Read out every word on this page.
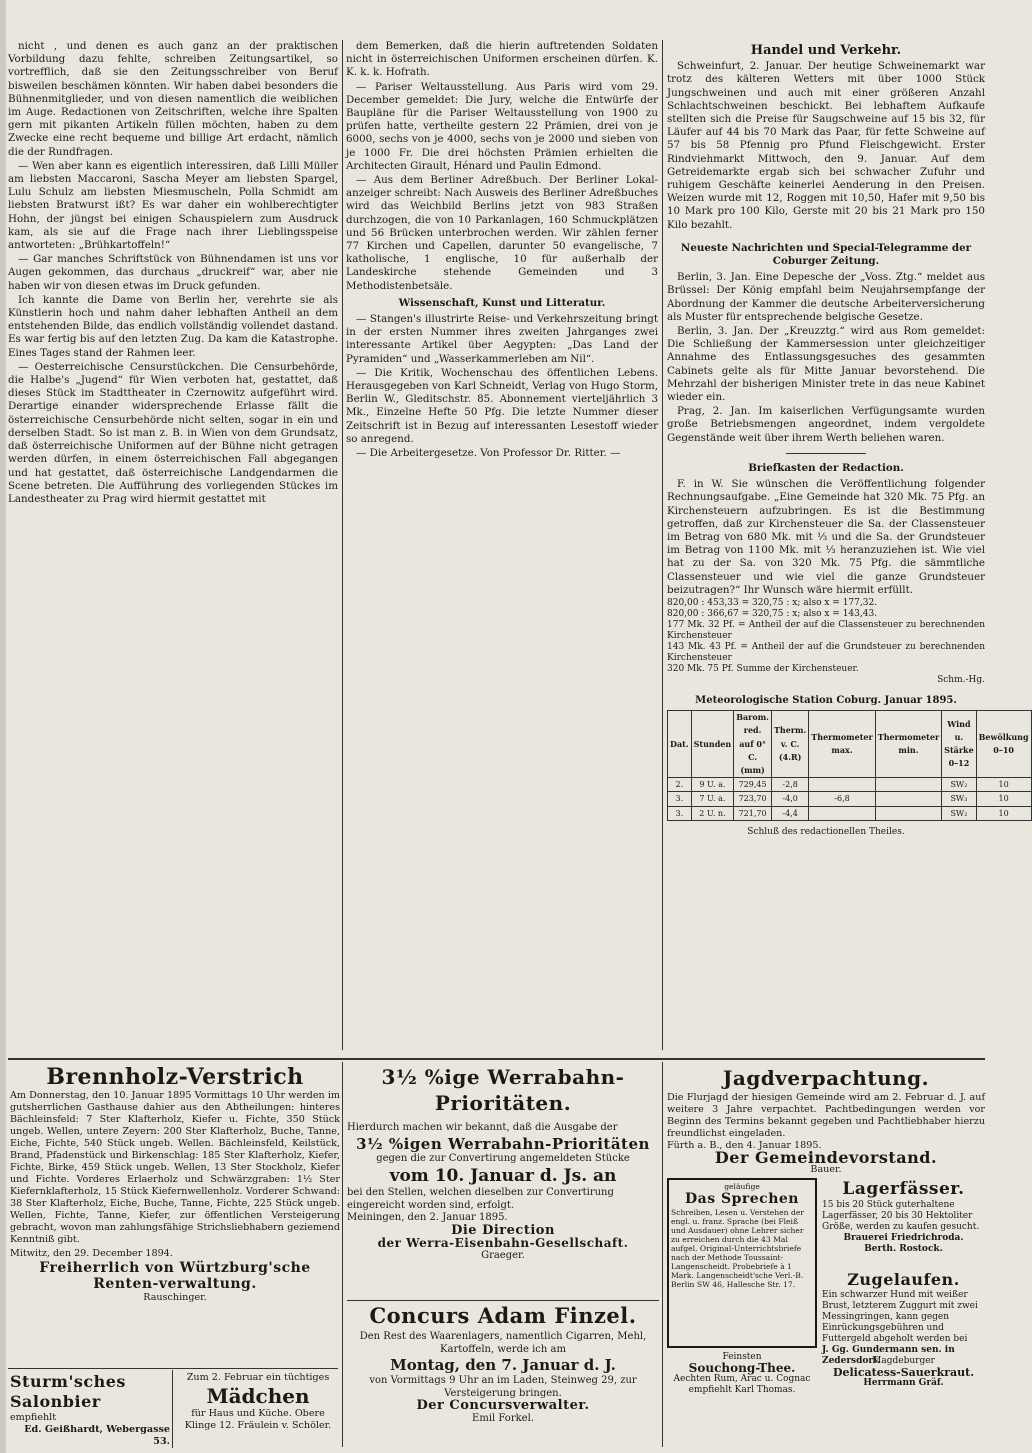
nicht , und denen es auch ganz an der praktischen Vorbildung dazu fehlte, schreiben Zeitungsartikel, so vortrefflich, daß sie den Zeitungsschreiber von Beruf bisweilen beschämen könnten. Wir haben dabei besonders die Bühnenmitglieder, und von diesen namentlich die weiblichen im Auge. Redactionen von Zeitschriften, welche ihre Spalten gern mit pikanten Artikeln füllen möchten, haben zu dem Zwecke eine recht bequeme und billige Art erdacht, nämlich die der Rundfragen.

— Wen aber kann es eigentlich interessiren, daß Lilli Müller am liebsten Maccaroni, Sascha Meyer am liebsten Spargel, Lulu Schulz am liebsten Miesmuscheln, Polla Schmidt am liebsten Bratwurst ißt? Es war daher ein wohlberechtigter Hohn, der jüngst bei einigen Schauspielern zum Ausdruck kam, als sie auf die Frage nach ihrer Lieblingsspeise antworteten: „Brühkartoffeln!“

— Gar manches Schriftstück von Bühnendamen ist uns vor Augen gekommen, das durchaus „druckreif“ war, aber nie haben wir von diesen etwas im Druck gefunden.

Ich kannte die Dame von Berlin her, verehrte sie als Künstlerin hoch und nahm daher lebhaften Antheil an dem entstehenden Bilde, das endlich vollständig vollendet dastand. Es war fertig bis auf den letzten Zug. Da kam die Katastrophe. Eines Tages stand der Rahmen leer.

— Oesterreichische Censurstückchen. Die Censurbehörde, die Halbe's „Jugend“ für Wien verboten hat, gestattet, daß dieses Stück im Stadttheater in Czernowitz aufgeführt wird. Derartige einander widersprechende Erlasse fällt die österreichische Censurbehörde nicht selten, sogar in ein und derselben Stadt. So ist man z. B. in Wien von dem Grundsatz, daß österreichische Uniformen auf der Bühne nicht getragen werden dürfen, in einem österreichischen Fall abgegangen und hat gestattet, daß österreichische Landgendarmen die Scene betreten. Die Aufführung des vorliegenden Stückes im Landestheater zu Prag wird hiermit gestattet mit

dem Bemerken, daß die hierin auftretenden Soldaten nicht in österreichischen Uniformen erscheinen dürfen. K. K. k. k. Hofrath.

— Pariser Weltausstellung. Aus Paris wird vom 29. December gemeldet: Die Jury, welche die Entwürfe der Baupläne für die Pariser Weltausstellung von 1900 zu prüfen hatte, vertheilte gestern 22 Prämien, drei von je 6000, sechs von je 4000, sechs von je 2000 und sieben von je 1000 Fr. Die drei höchsten Prämien erhielten die Architecten Girault, Hénard und Paulin Edmond.

— Aus dem Berliner Adreßbuch. Der Berliner Lokal-anzeiger schreibt: Nach Ausweis des Berliner Adreßbuches wird das Weichbild Berlins jetzt von 983 Straßen durchzogen, die von 10 Parkanlagen, 160 Schmuckplätzen und 56 Brücken unterbrochen werden. Wir zählen ferner 77 Kirchen und Capellen, darunter 50 evangelische, 7 katholische, 1 englische, 10 für außerhalb der Landeskirche stehende Gemeinden und 3 Methodistenbetsäle.

Wissenschaft, Kunst und Litteratur.

— Stangen's illustrirte Reise- und Verkehrszeitung bringt in der ersten Nummer ihres zweiten Jahrganges zwei interessante Artikel über Aegypten: „Das Land der Pyramiden“ und „Wasserkammerleben am Nil“.

— Die Kritik, Wochenschau des öffentlichen Lebens. Herausgegeben von Karl Schneidt, Verlag von Hugo Storm, Berlin W., Gleditschstr. 85. Abonnement vierteljährlich 3 Mk., Einzelne Hefte 50 Pfg. Die letzte Nummer dieser Zeitschrift ist in Bezug auf interessanten Lesestoff wieder so anregend.

— Die Arbeitergesetze. Von Professor Dr. Ritter. —

Handel und Verkehr.

Schweinfurt, 2. Januar. Der heutige Schweinemarkt war trotz des kälteren Wetters mit über 1000 Stück Jungschweinen und auch mit einer größeren Anzahl Schlachtschweinen beschickt. Bei lebhaftem Aufkaufe stellten sich die Preise für Saugschweine auf 15 bis 32, für Läufer auf 44 bis 70 Mark das Paar, für fette Schweine auf 57 bis 58 Pfennig pro Pfund Fleischgewicht. Erster Rindviehmarkt Mittwoch, den 9. Januar. Auf dem Getreidemarkte ergab sich bei schwacher Zufuhr und ruhigem Geschäfte keinerlei Aenderung in den Preisen. Weizen wurde mit 12, Roggen mit 10,50, Hafer mit 9,50 bis 10 Mark pro 100 Kilo, Gerste mit 20 bis 21 Mark pro 150 Kilo bezahlt.

Neueste Nachrichten und Special-Telegramme der Coburger Zeitung.

Berlin, 3. Jan. Eine Depesche der „Voss. Ztg.“ meldet aus Brüssel: Der König empfahl beim Neujahrsempfange der Abordnung der Kammer die deutsche Arbeiterversicherung als Muster für entsprechende belgische Gesetze.

Berlin, 3. Jan. Der „Kreuzztg.“ wird aus Rom gemeldet: Die Schließung der Kammersession unter gleichzeitiger Annahme des Entlassungsgesuches des gesammten Cabinets gelte als für Mitte Januar bevorstehend. Die Mehrzahl der bisherigen Minister trete in das neue Kabinet wieder ein.

Prag, 2. Jan. Im kaiserlichen Verfügungsamte wurden große Betriebsmengen angeordnet, indem vergoldete Gegenstände weit über ihrem Werth beliehen waren.

Briefkasten der Redaction.

F. in W. Sie wünschen die Veröffentlichung folgender Rechnungsaufgabe. „Eine Gemeinde hat 320 Mk. 75 Pfg. an Kirchensteuern aufzubringen. Es ist die Bestimmung getroffen, daß zur Kirchensteuer die Sa. der Classensteuer im Betrag von 680 Mk. mit ⅓ und die Sa. der Grundsteuer im Betrag von 1100 Mk. mit ⅓ heranzuziehen ist. Wie viel hat zu der Sa. von 320 Mk. 75 Pfg. die sämmtliche Classensteuer und wie viel die ganze Grundsteuer beizutragen?“ Ihr Wunsch wäre hiermit erfüllt.

820,00 : 453,33 = 320,75 : x; also x = 177,32.
820,00 : 366,67 = 320,75 : x; also x = 143,43.
177 Mk. 32 Pf. = Antheil der auf die Classensteuer zu berechnenden Kirchensteuer
143 Mk. 43 Pf. = Antheil der auf die Grundsteuer zu berechnenden Kirchensteuer
320 Mk. 75 Pf. Summe der Kirchensteuer.
Schm.-Hg.
Meteorologische Station Coburg. Januar 1895.
Dat.	Stunden	Barom. red. auf 0° C. (mm)	Therm. v. C. (4.R)	Thermometer max.	Thermometer min.	Wind u. Stärke 0–12	Bewölkung 0–10
2.	9 U. a.	729,45	-2,8			SW₂	10
3.	7 U. a.	723,70	-4,0	-6,8		SW₃	10
3.	2 U. n.	721,70	-4,4			SW₂	10
Schluß des redactionellen Theiles.
Brennholz-Verstrich
Am Donnerstag, den 10. Januar 1895 Vormittags 10 Uhr werden im gutsherrlichen Gasthause dahier aus den Abtheilungen: hinteres Bächleinsfeld: 7 Ster Klafterholz, Kiefer u. Fichte, 350 Stück ungeb. Wellen, untere Zeyern: 200 Ster Klafterholz, Buche, Tanne, Eiche, Fichte, 540 Stück ungeb. Wellen. Bächleinsfeld, Keilstück, Brand, Pfadenstück und Birkenschlag: 185 Ster Klafterholz, Kiefer, Fichte, Birke, 459 Stück ungeb. Wellen, 13 Ster Stockholz, Kiefer und Fichte. Vorderes Erlaerholz und Schwärzgraben: 1½ Ster Kiefernklafterholz, 15 Stück Kiefernwellenholz. Vorderer Schwand: 38 Ster Klafterholz, Eiche, Buche, Tanne, Fichte, 225 Stück ungeb. Wellen, Fichte, Tanne, Kiefer, zur öffentlichen Versteigerung gebracht, wovon man zahlungsfähige Strichsliebhabern geziemend Kenntniß gibt.
Mitwitz, den 29. December 1894.
Freiherrlich von Würtzburg'sche Renten-verwaltung.
Rauschinger.
3½ %ige Werrabahn-Prioritäten.
Hierdurch machen wir bekannt, daß die Ausgabe der
3½ %igen Werrabahn-Prioritäten
gegen die zur Convertirung angemeldeten Stücke
vom 10. Januar d. Js. an
bei den Stellen, welchen dieselben zur Convertirung eingereicht worden sind, erfolgt.
Meiningen, den 2. Januar 1895.
Die Direction
der Werra-Eisenbahn-Gesellschaft.
Graeger.
Concurs Adam Finzel.
Den Rest des Waarenlagers, namentlich Cigarren, Mehl, Kartoffeln, werde ich am
Montag, den 7. Januar d. J.
von Vormittags 9 Uhr an im Laden, Steinweg 29, zur Versteigerung bringen.
Der Concursverwalter.
Emil Forkel.
Jagdverpachtung.
Die Flurjagd der hiesigen Gemeinde wird am 2. Februar d. J. auf weitere 3 Jahre verpachtet. Pachtbedingungen werden vor Beginn des Termins bekannt gegeben und Pachtliebhaber hierzu freundlichst eingeladen.
Fürth a. B., den 4. Januar 1895.
Der Gemeindevorstand.
Bauer.
geläufige
Das Sprechen
Schreiben, Lesen u. Verstehen der engl. u. franz. Sprache (bei Fleiß und Ausdauer) ohne Lehrer sicher zu erreichen durch die 43 Mal aufgel. Original-Unterrichtsbriefe nach der Methode Toussaint-Langenscheidt. Probebriefe à 1 Mark. Langenscheidt'sche Verl.-B. Berlin SW 46, Hallesche Str. 17.
Lagerfässer.
15 bis 20 Stück guterhaltene Lagerfässer, 20 bis 30 Hektoliter Größe, werden zu kaufen gesucht.
Brauerei Friedrichroda.
Berth. Rostock.
Zugelaufen.
Ein schwarzer Hund mit weißer Brust, letzterem Zuggurt mit zwei Messingringen, kann gegen Einrückungsgebühren und Futtergeld abgeholt werden bei
J. Gg. Gundermann sen. in Zedersdorf.
Sturm'sches Salonbier
empfiehlt
Ed. Geißhardt, Webergasse 53.
Zum 2. Februar ein tüchtiges
Mädchen
für Haus und Küche. Obere Klinge 12. Fräulein v. Schöler.
Feinsten
Souchong-Thee.
Aechten Rum, Arac u. Cognac empfiehlt Karl Thomas.
Magdeburger
Delicatess-Sauerkraut.
Herrmann Gräf.
